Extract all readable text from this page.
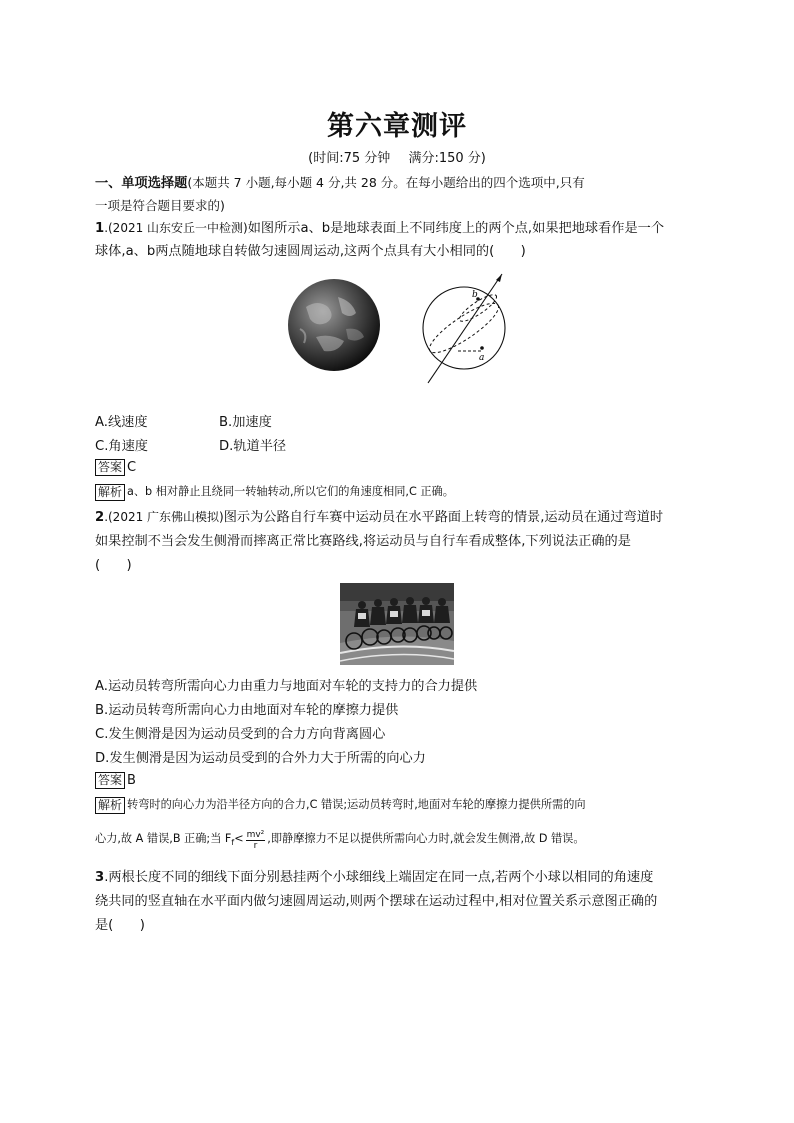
第六章测评
(时间:75 分钟 满分:150 分)
一、单项选择题(本题共 7 小题,每小题 4 分,共 28 分。在每小题给出的四个选项中,只有
一项是符合题目要求的)
1.(2021 山东安丘一中检测)如图所示a、b是地球表面上不同纬度上的两个点,如果把地球看作是一个
球体,a、b两点随地球自转做匀速圆周运动,这两个点具有大小相同的(　　)
a
b
A.线速度	B.加速度
C.角速度	D.轨道半径
答案 C
解析 a、b 相对静止且绕同一转轴转动,所以它们的角速度相同,C 正确。
2.(2021 广东佛山模拟)图示为公路自行车赛中运动员在水平路面上转弯的情景,运动员在通过弯道时
如果控制不当会发生侧滑而摔离正常比赛路线,将运动员与自行车看成整体,下列说法正确的是
(　　)
A.运动员转弯所需向心力由重力与地面对车轮的支持力的合力提供
B.运动员转弯所需向心力由地面对车轮的摩擦力提供
C.发生侧滑是因为运动员受到的合力方向背离圆心
D.发生侧滑是因为运动员受到的合外力大于所需的向心力
答案 B
解析 转弯时的向心力为沿半径方向的合力,C 错误;运动员转弯时,地面对车轮的摩擦力提供所需的向
心力,故 A 错误,B 正确;当 $F_f< \frac{\text{mv²}}{r}$ ,即静摩擦力不足以提供所需向心力时,就会发生侧滑,故 D 错误。
3.两根长度不同的细线下面分别悬挂两个小球细线上端固定在同一点,若两个小球以相同的角速度
绕共同的竖直轴在水平面内做匀速圆周运动,则两个摆球在运动过程中,相对位置关系示意图正确的
是(　　)
